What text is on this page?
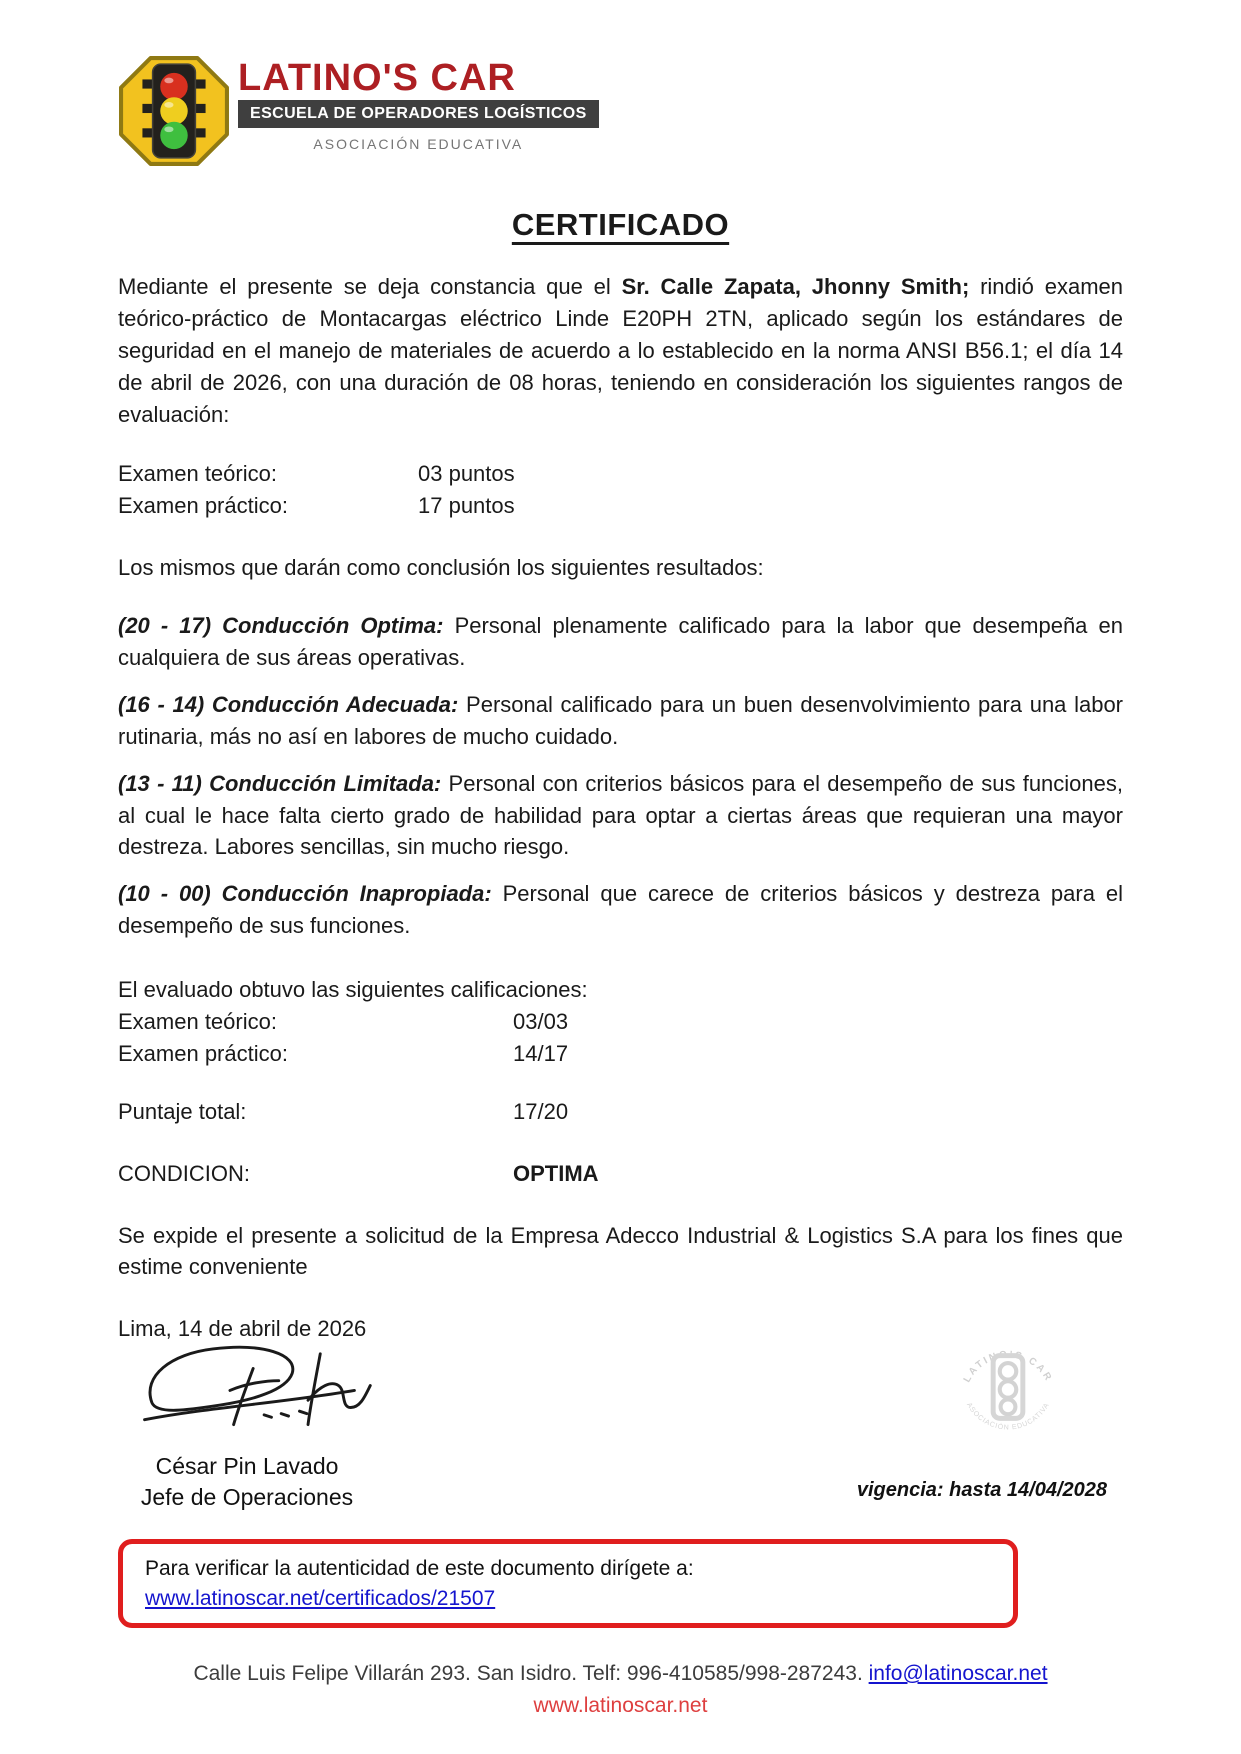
LATINO'S CAR
ESCUELA DE OPERADORES LOGÍSTICOS
ASOCIACIÓN EDUCATIVA
CERTIFICADO

Mediante el presente se deja constancia que el Sr. Calle Zapata, Jhonny Smith; rindió examen teórico-práctico de Montacargas eléctrico Linde E20PH 2TN, aplicado según los estándares de seguridad en el manejo de materiales de acuerdo a lo establecido en la norma ANSI B56.1; el día 14 de abril de 2026, con una duración de 08 horas, teniendo en consideración los siguientes rangos de evaluación:

Examen teórico:	03 puntos
Examen práctico:	17 puntos

Los mismos que darán como conclusión los siguientes resultados:

(20 - 17) Conducción Optima: Personal plenamente calificado para la labor que desempeña en cualquiera de sus áreas operativas.

(16 - 14) Conducción Adecuada: Personal calificado para un buen desenvolvimiento para una labor rutinaria, más no así en labores de mucho cuidado.

(13 - 11) Conducción Limitada: Personal con criterios básicos para el desempeño de sus funciones, al cual le hace falta cierto grado de habilidad para optar a ciertas áreas que requieran una mayor destreza. Labores sencillas, sin mucho riesgo.

(10 - 00) Conducción Inapropiada: Personal que carece de criterios básicos y destreza para el desempeño de sus funciones.

El evaluado obtuvo las siguientes calificaciones:

Examen teórico:	03/03
Examen práctico:	14/17
Puntaje total:	17/20
CONDICION:	OPTIMA

Se expide el presente a solicitud de la Empresa Adecco Industrial & Logistics S.A para los fines que estime conveniente

Lima, 14 de abril de 2026

César Pin Lavado
Jefe de Operaciones
LATINO'S CAR
ASOCIACIÓN EDUCATIVA
vigencia: hasta 14/04/2028
Para verificar la autenticidad de este documento dirígete a: www.latinoscar.net/certificados/21507
Calle Luis Felipe Villarán 293. San Isidro. Telf: 996-410585/998-287243. info@latinoscar.net
www.latinoscar.net
